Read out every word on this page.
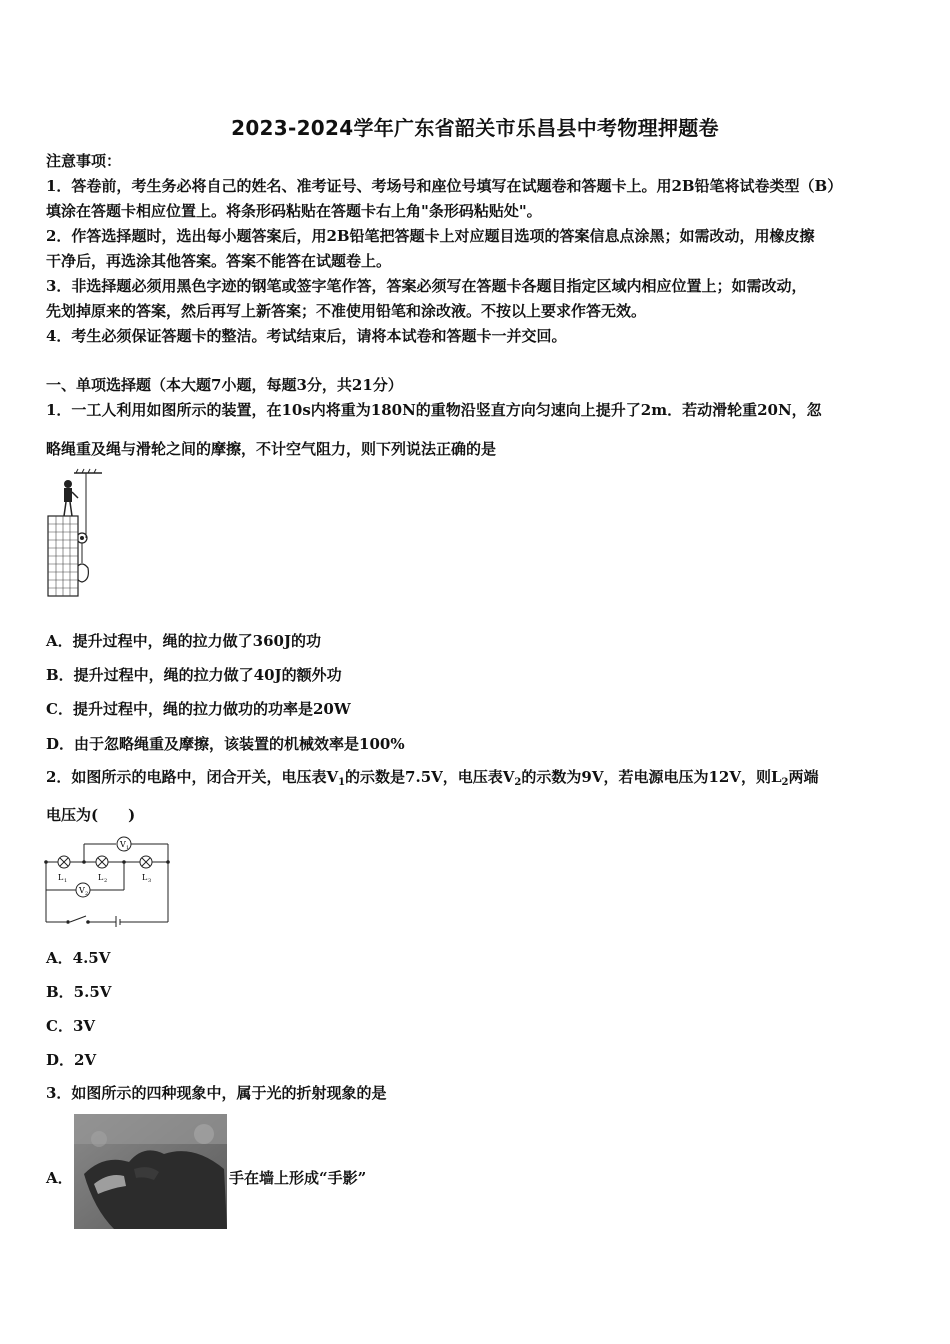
2023-2024学年广东省韶关市乐昌县中考物理押题卷
注意事项：
1．答卷前，考生务必将自己的姓名、准考证号、考场号和座位号填写在试题卷和答题卡上。用2B铅笔将试卷类型（B）
填涂在答题卡相应位置上。将条形码粘贴在答题卡右上角"条形码粘贴处"。
2．作答选择题时，选出每小题答案后，用2B铅笔把答题卡上对应题目选项的答案信息点涂黑；如需改动，用橡皮擦
干净后，再选涂其他答案。答案不能答在试题卷上。
3．非选择题必须用黑色字迹的钢笔或签字笔作答，答案必须写在答题卡各题目指定区域内相应位置上；如需改动，
先划掉原来的答案，然后再写上新答案；不准使用铅笔和涂改液。不按以上要求作答无效。
4．考生必须保证答题卡的整洁。考试结束后，请将本试卷和答题卡一并交回。
一、单项选择题（本大题7小题，每题3分，共21分）
1．一工人利用如图所示的装置，在10s内将重为180N的重物沿竖直方向匀速向上提升了2m．若动滑轮重20N，忽
略绳重及绳与滑轮之间的摩擦，不计空气阻力，则下列说法正确的是
A．提升过程中，绳的拉力做了360J的功
B．提升过程中，绳的拉力做了40J的额外功
C．提升过程中，绳的拉力做功的功率是20W
D．由于忽略绳重及摩擦，该装置的机械效率是100%
2．如图所示的电路中，闭合开关，电压表$V_1$的示数是7.5V，电压表$V_2$的示数为9V，若电源电压为12V，则$L_2$两端
电压为(　　)
V 1
V 2
L 1	L 2	L 3
A．4.5V
B．5.5V
C．3V
D．2V
3．如图所示的四种现象中，属于光的折射现象的是
A．	手在墙上形成“手影”
